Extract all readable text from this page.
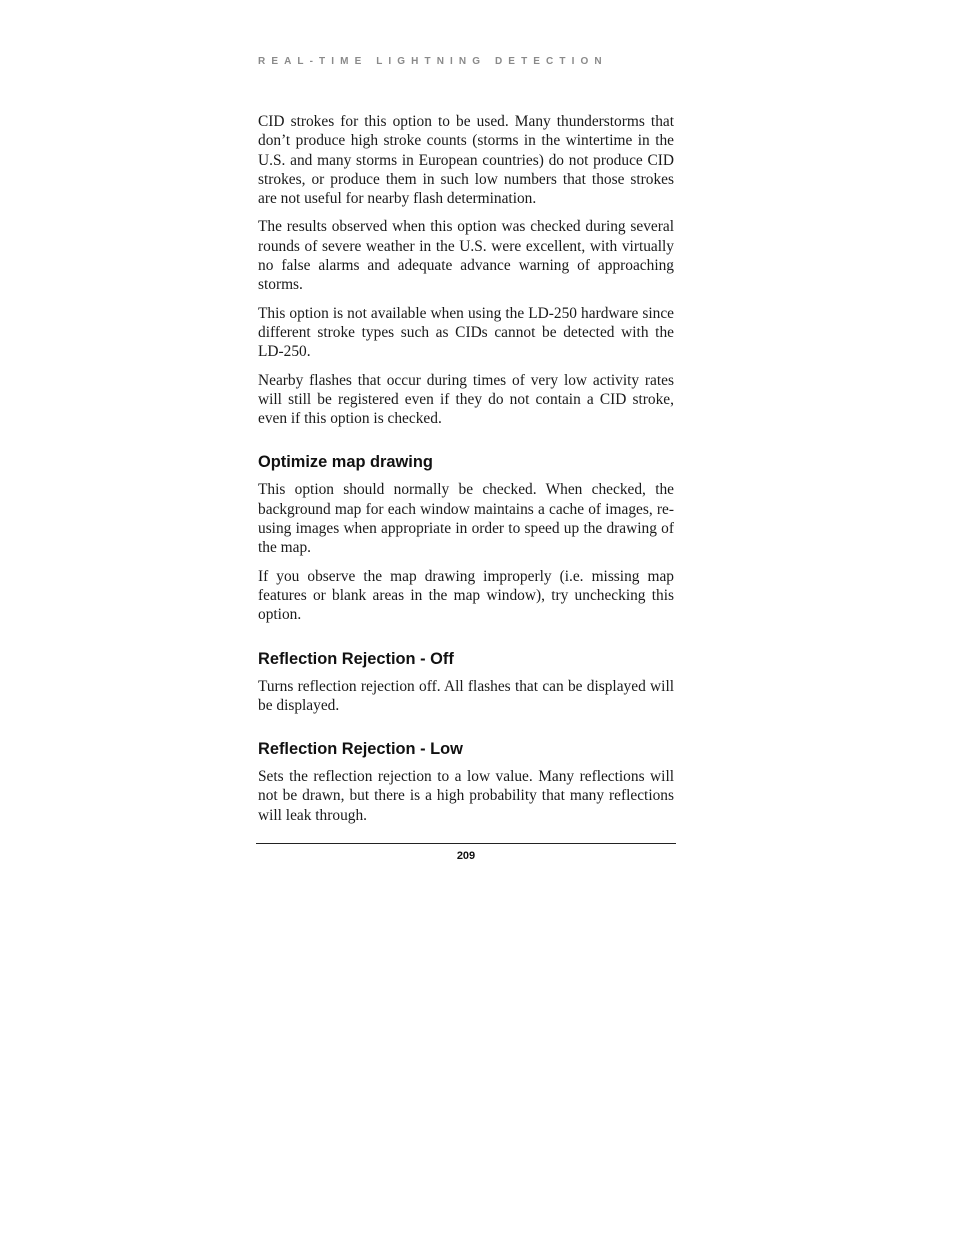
REAL-TIME LIGHTNING DETECTION

CID strokes for this option to be used. Many thunderstorms that don’t produce high stroke counts (storms in the wintertime in the U.S. and many storms in European countries) do not produce CID strokes, or produce them in such low numbers that those strokes are not useful for nearby flash determination.

The results observed when this option was checked during several rounds of severe weather in the U.S. were excellent, with virtually no false alarms and adequate advance warning of approaching storms.

This option is not available when using the LD-250 hardware since different stroke types such as CIDs cannot be detected with the LD-250.

Nearby flashes that occur during times of very low activity rates will still be registered even if they do not contain a CID stroke, even if this option is checked.

Optimize map drawing

This option should normally be checked. When checked, the background map for each window maintains a cache of images, re-using images when appropriate in order to speed up the drawing of the map.

If you observe the map drawing improperly (i.e. missing map features or blank areas in the map window), try unchecking this option.

Reflection Rejection - Off

Turns reflection rejection off. All flashes that can be displayed will be displayed.

Reflection Rejection - Low

Sets the reflection rejection to a low value. Many reflections will not be drawn, but there is a high probability that many reflections will leak through.

209
